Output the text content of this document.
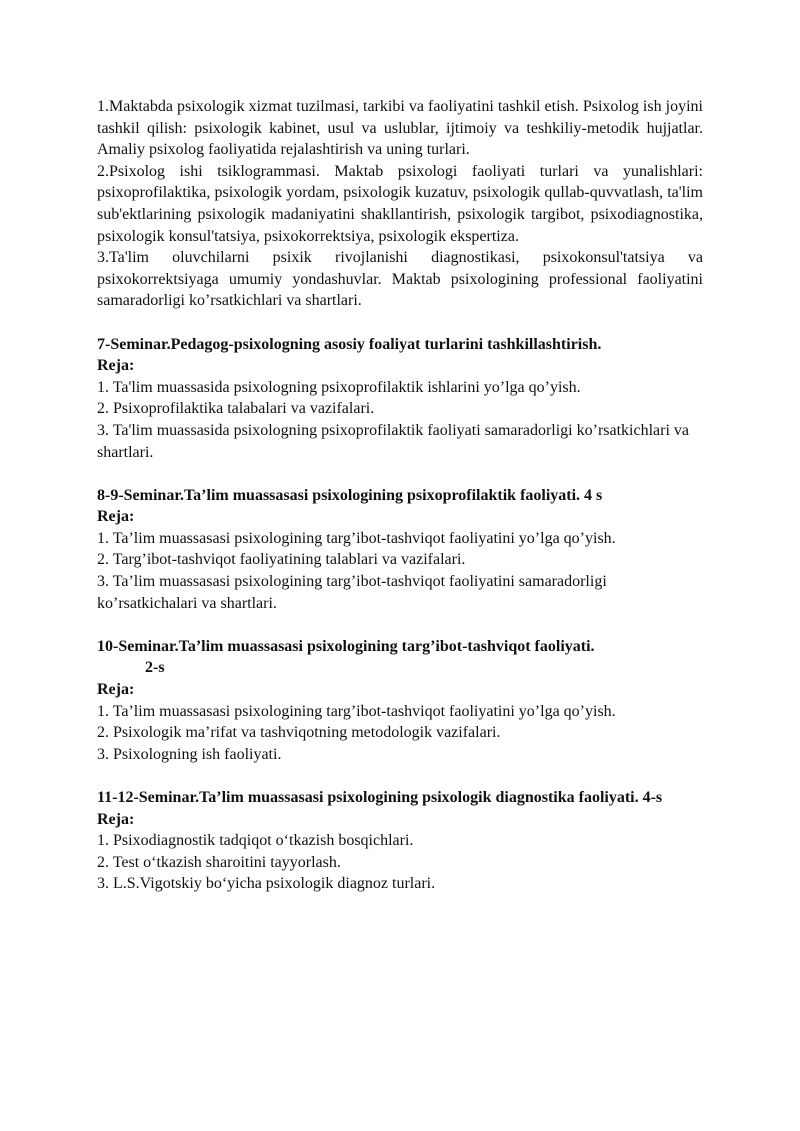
1.Maktabda psixologik xizmat tuzilmasi, tarkibi va faoliyatini tashkil etish. Psixolog ish joyini tashkil qilish: psixologik kabinet, usul va uslublar, ijtimoiy va teshkiliy-metodik hujjatlar. Amaliy psixolog faoliyatida rejalashtirish va uning turlari.

2.Psixolog ishi tsiklogrammasi. Maktab psixologi faoliyati turlari va yunalishlari: psixoprofilaktika, psixologik yordam, psixologik kuzatuv, psixologik qullab-quvvatlash, ta'lim sub'ektlarining psixologik madaniyatini shakllantirish, psixologik targibot, psixodiagnostika, psixologik konsul'tatsiya, psixokorrektsiya, psixologik ekspertiza.

3.Ta'lim oluvchilarni psixik rivojlanishi diagnostikasi, psixokonsul'tatsiya va psixokorrektsiyaga umumiy yondashuvlar. Maktab psixologining professional faoliyatini samaradorligi ko’rsatkichlari va shartlari.

7-Seminar.Pedagog-psixologning asosiy foaliyat turlarini tashkillashtirish.

Reja:

1. Ta'lim muassasida psixologning psixoprofilaktik ishlarini yo’lga qo’yish.

2. Psixoprofilaktika talabalari va vazifalari.

3. Ta'lim muassasida psixologning psixoprofilaktik faoliyati samaradorligi ko’rsatkichlari va shartlari.

8-9-Seminar.Ta’lim muassasasi psixologining psixoprofilaktik faoliyati. 4 s

Reja:

1. Ta’lim muassasasi psixologining targ’ibot-tashviqot faoliyatini yo’lga qo’yish.

2. Targ’ibot-tashviqot faoliyatining talablari va vazifalari.

3. Ta’lim muassasasi psixologining targ’ibot-tashviqot faoliyatini samaradorligi ko’rsatkichalari va shartlari.

10-Seminar.Ta’lim muassasasi psixologining targ’ibot-tashviqot faoliyati.

2-s

Reja:

1. Ta’lim muassasasi psixologining targ’ibot-tashviqot faoliyatini yo’lga qo’yish.

2. Psixologik ma’rifat va tashviqotning metodologik vazifalari.

3. Psixologning ish faoliyati.

11-12-Seminar.Ta’lim muassasasi psixologining psixologik diagnostika faoliyati. 4-s

Reja:

1. Psixodiagnostik tadqiqot o‘tkazish bosqichlari.

2. Test o‘tkazish sharoitini tayyorlash.

3. L.S.Vigotskiy bo‘yicha psixologik diagnoz turlari.
